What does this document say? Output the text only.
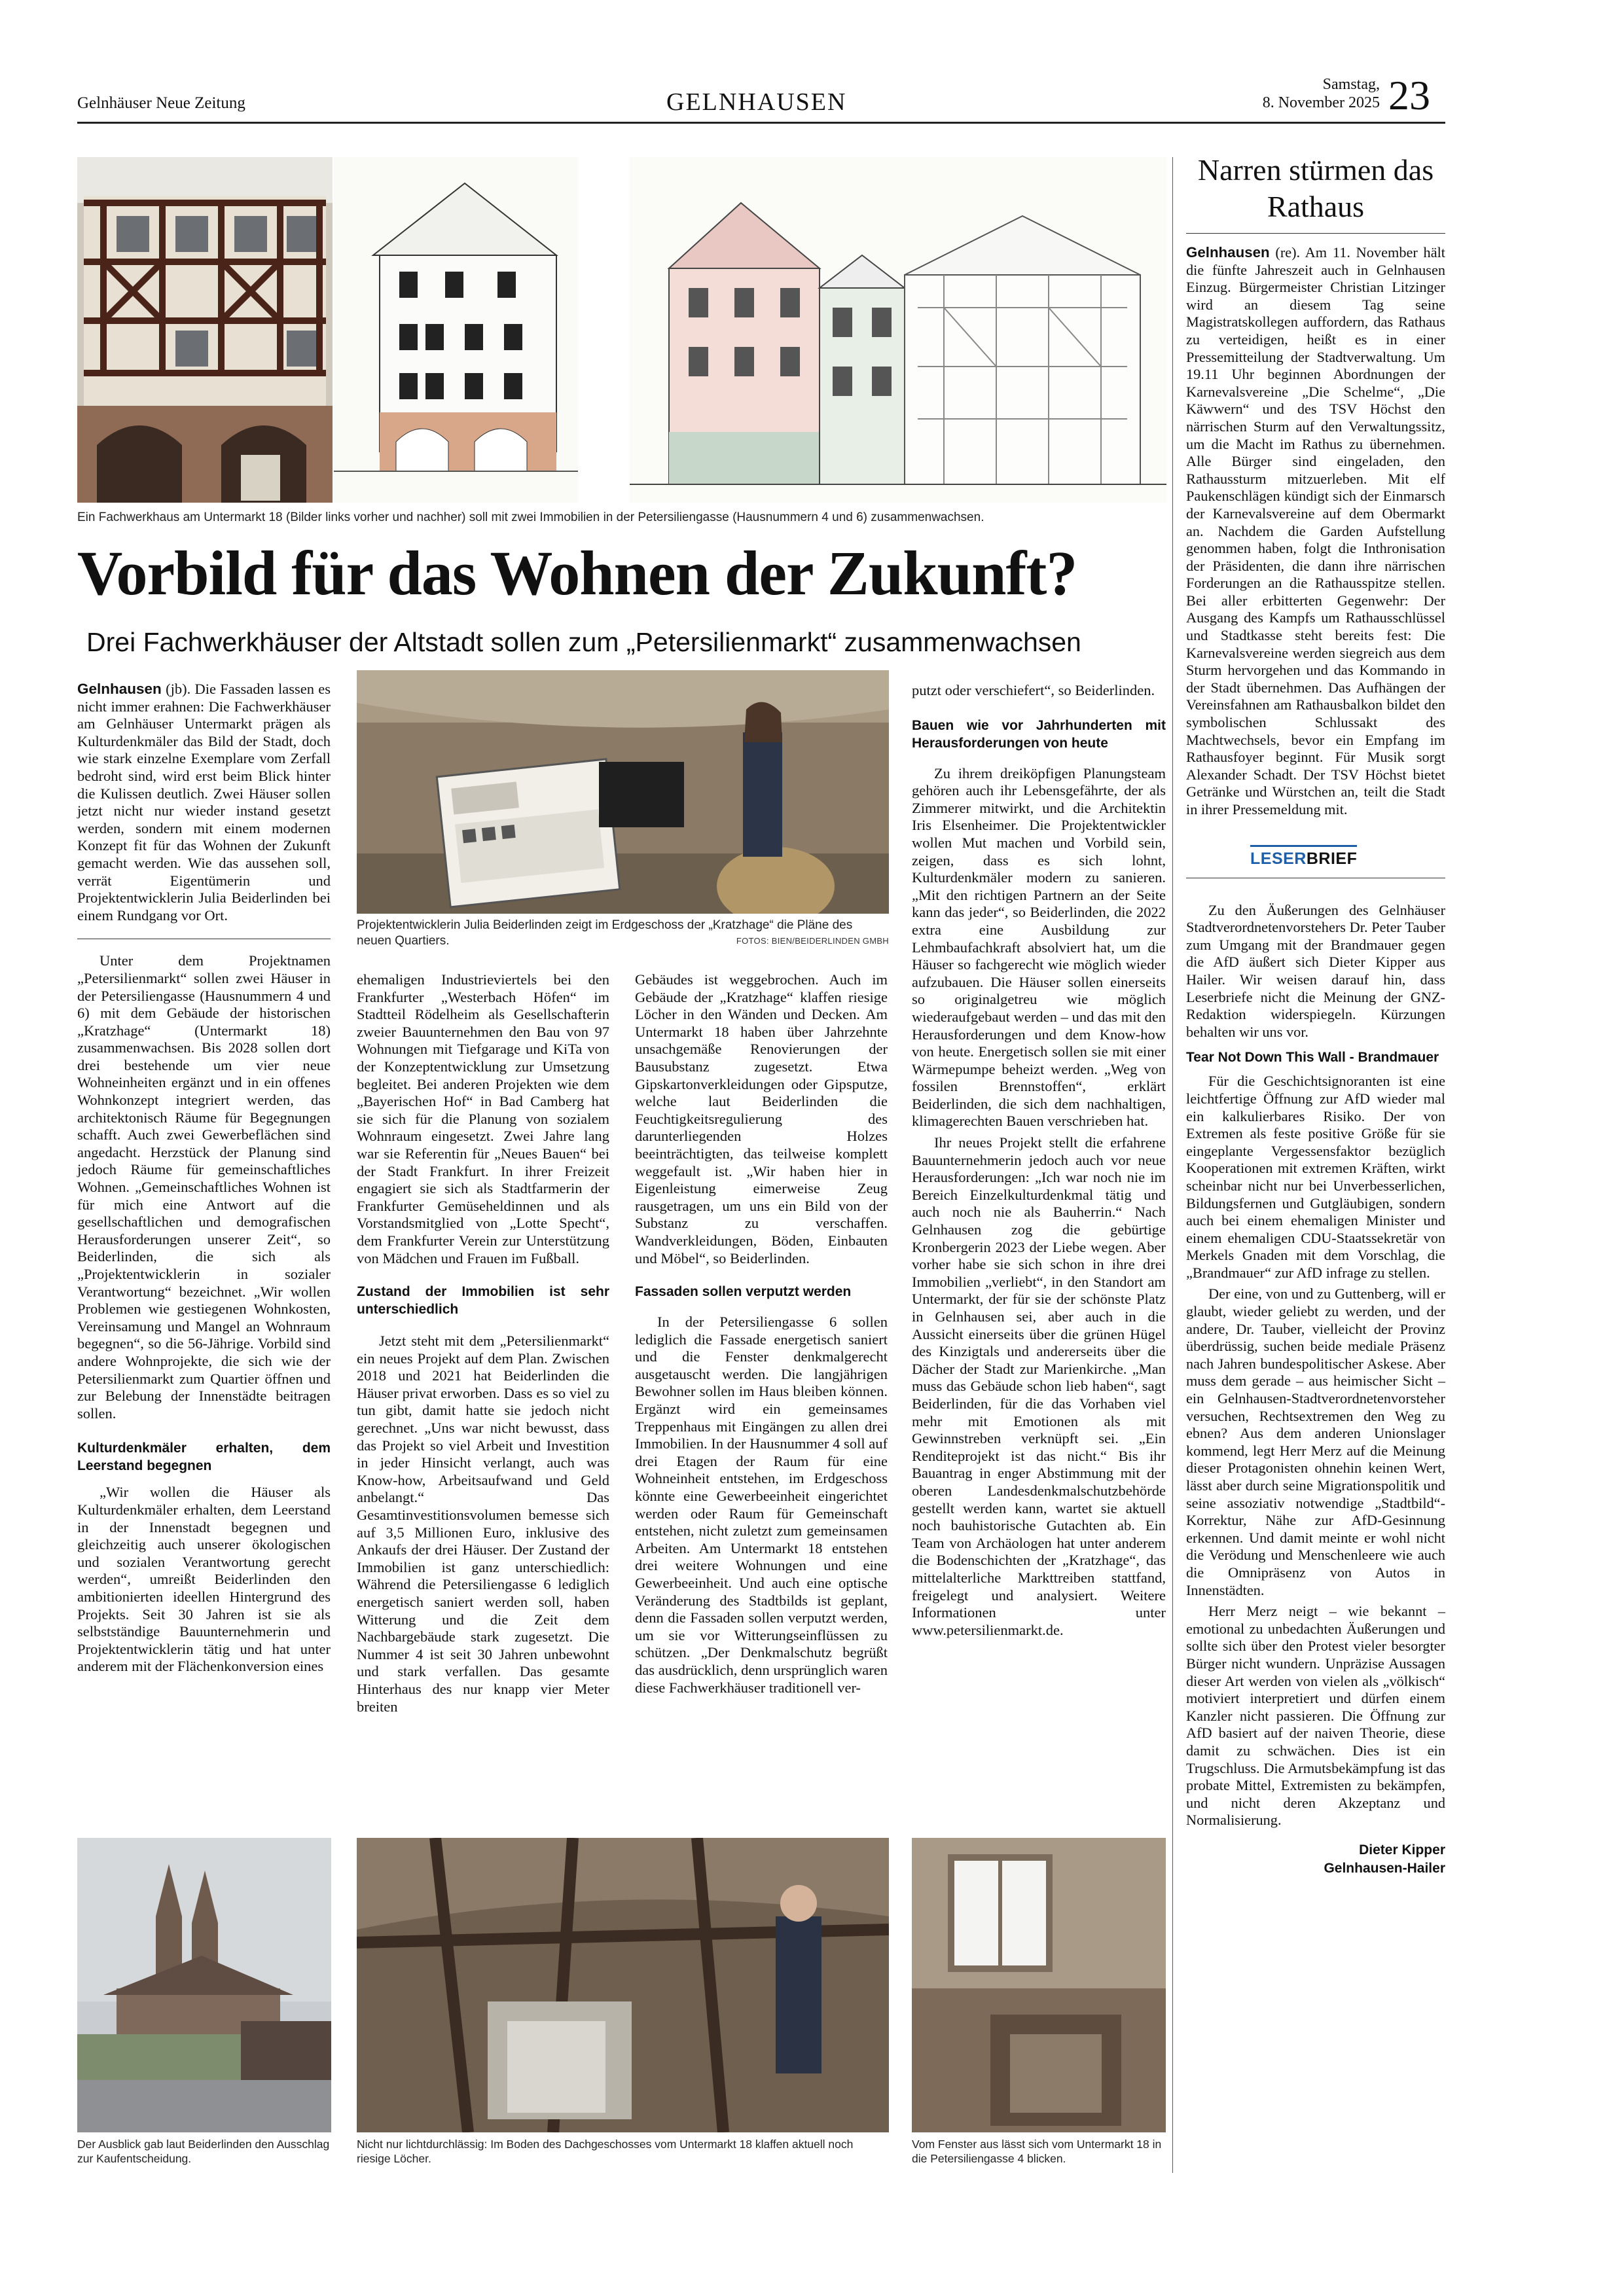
Gelnhäuser Neue Zeitung	GELNHAUSEN
Samstag,
8. November 2025 23
Ein Fachwerkhaus am Untermarkt 18 (Bilder links vorher und nachher) soll mit zwei Immobilien in der Petersiliengasse (Hausnummern 4 und 6) zusammenwachsen.
Vorbild für das Wohnen der Zukunft?
Drei Fachwerkhäuser der Altstadt sollen zum „Petersilienmarkt“ zusammenwachsen

Gelnhausen (jb). Die Fassaden lassen es nicht immer erahnen: Die Fachwerkhäuser am Gelnhäuser Untermarkt prägen als Kulturdenkmäler das Bild der Stadt, doch wie stark einzelne Exemplare vom Zerfall bedroht sind, wird erst beim Blick hinter die Kulissen deutlich. Zwei Häuser sollen jetzt nicht nur wieder instand gesetzt werden, sondern mit einem modernen Konzept fit für das Wohnen der Zukunft gemacht werden. Wie das aussehen soll, verrät Eigentümerin und Projektentwicklerin Julia Beiderlinden bei einem Rundgang vor Ort.

Unter dem Projektnamen „Petersilienmarkt“ sollen zwei Häuser in der Petersiliengasse (Hausnummern 4 und 6) mit dem Gebäude der historischen „Kratzhage“ (Untermarkt 18) zusammenwachsen. Bis 2028 sollen dort drei bestehende um vier neue Wohneinheiten ergänzt und in ein offenes Wohnkonzept integriert werden, das architektonisch Räume für Begegnungen schafft. Auch zwei Gewerbeflächen sind angedacht. Herzstück der Planung sind jedoch Räume für gemeinschaftliches Wohnen. „Gemeinschaftliches Wohnen ist für mich eine Antwort auf die gesellschaftlichen und demografischen Herausforderungen unserer Zeit“, so Beiderlinden, die sich als „Projektentwicklerin in sozialer Verantwortung“ bezeichnet. „Wir wollen Problemen wie gestiegenen Wohnkosten, Vereinsamung und Mangel an Wohnraum begegnen“, so die 56-Jährige. Vorbild sind andere Wohnprojekte, die sich wie der Petersilienmarkt zum Quartier öffnen und zur Belebung der Innenstädte beitragen sollen.

Kulturdenkmäler erhalten, dem Leerstand begegnen

„Wir wollen die Häuser als Kulturdenkmäler erhalten, dem Leerstand in der Innenstadt begegnen und gleichzeitig auch unserer ökologischen und sozialen Verantwortung gerecht werden“, umreißt Beiderlinden den ambitionierten ideellen Hintergrund des Projekts. Seit 30 Jahren ist sie als selbstständige Bauunternehmerin und Projektentwicklerin tätig und hat unter anderem mit der Flächenkonversion eines

Projektentwicklerin Julia Beiderlinden zeigt im Erdgeschoss der „Kratzhage“ die Pläne des neuen Quartiers.	FOTOS: BIEN/BEIDERLINDEN GMBH

ehemaligen Industrieviertels bei den Frankfurter „Westerbach Höfen“ im Stadtteil Rödelheim als Gesellschafterin zweier Bauunternehmen den Bau von 97 Wohnungen mit Tiefgarage und KiTa von der Konzeptentwicklung zur Umsetzung begleitet. Bei anderen Projekten wie dem „Bayerischen Hof“ in Bad Camberg hat sie sich für die Planung von sozialem Wohnraum eingesetzt. Zwei Jahre lang war sie Referentin für „Neues Bauen“ bei der Stadt Frankfurt. In ihrer Freizeit engagiert sie sich als Stadtfarmerin der Frankfurter Gemüseheldinnen und als Vorstandsmitglied von „Lotte Specht“, dem Frankfurter Verein zur Unterstützung von Mädchen und Frauen im Fußball.

Zustand der Immobilien ist sehr unterschiedlich

Jetzt steht mit dem „Petersilienmarkt“ ein neues Projekt auf dem Plan. Zwischen 2018 und 2021 hat Beiderlinden die Häuser privat erworben. Dass es so viel zu tun gibt, damit hatte sie jedoch nicht gerechnet. „Uns war nicht bewusst, dass das Projekt so viel Arbeit und Investition in jeder Hinsicht verlangt, auch was Know-how, Arbeitsaufwand und Geld anbelangt.“ Das Gesamtinvestitionsvolumen bemesse sich auf 3,5 Millionen Euro, inklusive des Ankaufs der drei Häuser. Der Zustand der Immobilien ist ganz unterschiedlich: Während die Petersiliengasse 6 lediglich energetisch saniert werden soll, haben Witterung und die Zeit dem Nachbargebäude stark zugesetzt. Die Nummer 4 ist seit 30 Jahren unbewohnt und stark verfallen. Das gesamte Hinterhaus des nur knapp vier Meter breiten

Gebäudes ist weggebrochen. Auch im Gebäude der „Kratzhage“ klaffen riesige Löcher in den Wänden und Decken. Am Untermarkt 18 haben über Jahrzehnte unsachgemäße Renovierungen der Bausubstanz zugesetzt. Etwa Gipskartonverkleidungen oder Gipsputze, welche laut Beiderlinden die Feuchtigkeitsregulierung des darunterliegenden Holzes beeinträchtigten, das teilweise komplett weggefault ist. „Wir haben hier in Eigenleistung eimerweise Zeug rausgetragen, um uns ein Bild von der Substanz zu verschaffen. Wandverkleidungen, Böden, Einbauten und Möbel“, so Beiderlinden.

Fassaden sollen verputzt werden

In der Petersiliengasse 6 sollen lediglich die Fassade energetisch saniert und die Fenster denkmalgerecht ausgetauscht werden. Die langjährigen Bewohner sollen im Haus bleiben können. Ergänzt wird ein gemeinsames Treppenhaus mit Eingängen zu allen drei Immobilien. In der Hausnummer 4 soll auf drei Etagen der Raum für eine Wohneinheit entstehen, im Erdgeschoss könnte eine Gewerbeeinheit eingerichtet werden oder Raum für Gemeinschaft entstehen, nicht zuletzt zum gemeinsamen Arbeiten. Am Untermarkt 18 entstehen drei weitere Wohnungen und eine Gewerbeeinheit. Und auch eine optische Veränderung des Stadtbilds ist geplant, denn die Fassaden sollen verputzt werden, um sie vor Witterungseinflüssen zu schützen. „Der Denkmalschutz begrüßt das ausdrücklich, denn ursprünglich waren diese Fachwerkhäuser traditionell ver-

putzt oder verschiefert“, so Beiderlinden.

Bauen wie vor Jahrhunderten mit Herausforderungen von heute

Zu ihrem dreiköpfigen Planungsteam gehören auch ihr Lebensgefährte, der als Zimmerer mitwirkt, und die Architektin Iris Elsenheimer. Die Projektentwickler wollen Mut machen und Vorbild sein, zeigen, dass es sich lohnt, Kulturdenkmäler modern zu sanieren. „Mit den richtigen Partnern an der Seite kann das jeder“, so Beiderlinden, die 2022 extra eine Ausbildung zur Lehmbaufachkraft absolviert hat, um die Häuser so fachgerecht wie möglich wieder aufzubauen. Die Häuser sollen einerseits so originalgetreu wie möglich wiederaufgebaut werden – und das mit den Herausforderungen und dem Know-how von heute. Energetisch sollen sie mit einer Wärmepumpe beheizt werden. „Weg von fossilen Brennstoffen“, erklärt Beiderlinden, die sich dem nachhaltigen, klimagerechten Bauen verschrieben hat.

Ihr neues Projekt stellt die erfahrene Bauunternehmerin jedoch auch vor neue Herausforderungen: „Ich war noch nie im Bereich Einzelkulturdenkmal tätig und auch noch nie als Bauherrin.“ Nach Gelnhausen zog die gebürtige Kronbergerin 2023 der Liebe wegen. Aber vorher habe sie sich schon in ihre drei Immobilien „verliebt“, in den Standort am Untermarkt, der für sie der schönste Platz in Gelnhausen sei, aber auch in die Aussicht einerseits über die grünen Hügel des Kinzigtals und andererseits über die Dächer der Stadt zur Marienkirche. „Man muss das Gebäude schon lieb haben“, sagt Beiderlinden, für die das Vorhaben viel mehr mit Emotionen als mit Gewinnstreben verknüpft sei. „Ein Renditeprojekt ist das nicht.“ Bis ihr Bauantrag in enger Abstimmung mit der oberen Landesdenkmalschutzbehörde gestellt werden kann, wartet sie aktuell noch bauhistorische Gutachten ab. Ein Team von Archäologen hat unter anderem die Bodenschichten der „Kratzhage“, das mittelalterliche Markttreiben stattfand, freigelegt und analysiert. Weitere Informationen unter www.petersilienmarkt.de.

Der Ausblick gab laut Beiderlinden den Ausschlag zur Kaufentscheidung.
Nicht nur lichtdurchlässig: Im Boden des Dachgeschosses vom Untermarkt 18 klaffen aktuell noch riesige Löcher.
Vom Fenster aus lässt sich vom Untermarkt 18 in die Petersiliengasse 4 blicken.
Narren stürmen das Rathaus

Gelnhausen (re). Am 11. November hält die fünfte Jahreszeit auch in Gelnhausen Einzug. Bürgermeister Christian Litzinger wird an diesem Tag seine Magistratskollegen auffordern, das Rathaus zu verteidigen, heißt es in einer Pressemitteilung der Stadtverwaltung. Um 19.11 Uhr beginnen Abordnungen der Karnevalsvereine „Die Schelme“, „Die Käwwern“ und des TSV Höchst den närrischen Sturm auf den Verwaltungssitz, um die Macht im Rathus zu übernehmen. Alle Bürger sind eingeladen, den Rathaussturm mitzuerleben. Mit elf Paukenschlägen kündigt sich der Einmarsch der Karnevalsvereine auf dem Obermarkt an. Nachdem die Garden Aufstellung genommen haben, folgt die Inthronisation der Präsidenten, die dann ihre närrischen Forderungen an die Rathausspitze stellen. Bei aller erbitterten Gegenwehr: Der Ausgang des Kampfs um Rathausschlüssel und Stadtkasse steht bereits fest: Die Karnevalsvereine werden siegreich aus dem Sturm hervorgehen und das Kommando in der Stadt übernehmen. Das Aufhängen der Vereinsfahnen am Rathausbalkon bildet den symbolischen Schlussakt des Machtwechsels, bevor ein Empfang im Rathausfoyer beginnt. Für Musik sorgt Alexander Schadt. Der TSV Höchst bietet Getränke und Würstchen an, teilt die Stadt in ihrer Pressemeldung mit.

LESERBRIEF

Zu den Äußerungen des Gelnhäuser Stadtverordnetenvorstehers Dr. Peter Tauber zum Umgang mit der Brandmauer gegen die AfD äußert sich Dieter Kipper aus Hailer. Wir weisen darauf hin, dass Leserbriefe nicht die Meinung der GNZ-Redaktion widerspiegeln. Kürzungen behalten wir uns vor.

Tear Not Down This Wall - Brandmauer

Für die Geschichtsignoranten ist eine leichtfertige Öffnung zur AfD wieder mal ein kalkulierbares Risiko. Der von Extremen als feste positive Größe für sie eingeplante Vergessensfaktor bezüglich Kooperationen mit extremen Kräften, wirkt scheinbar nicht nur bei Unverbesserlichen, Bildungsfernen und Gutgläubigen, sondern auch bei einem ehemaligen Minister und einem ehemaligen CDU-Staatssekretär von Merkels Gnaden mit dem Vorschlag, die „Brandmauer“ zur AfD infrage zu stellen.

Der eine, von und zu Guttenberg, will er glaubt, wieder geliebt zu werden, und der andere, Dr. Tauber, vielleicht der Provinz überdrüssig, suchen beide mediale Präsenz nach Jahren bundespolitischer Askese. Aber muss dem gerade – aus heimischer Sicht – ein Gelnhausen-Stadtverordnetenvorsteher versuchen, Rechtsextremen den Weg zu ebnen? Aus dem anderen Unionslager kommend, legt Herr Merz auf die Meinung dieser Protagonisten ohnehin keinen Wert, lässt aber durch seine Migrationspolitik und seine assoziativ notwendige „Stadtbild“-Korrektur, Nähe zur AfD-Gesinnung erkennen. Und damit meinte er wohl nicht die Verödung und Menschenleere wie auch die Omnipräsenz von Autos in Innenstädten.

Herr Merz neigt – wie bekannt – emotional zu unbedachten Äußerungen und sollte sich über den Protest vieler besorgter Bürger nicht wundern. Unpräzise Aussagen dieser Art werden von vielen als „völkisch“ motiviert interpretiert und dürfen einem Kanzler nicht passieren. Die Öffnung zur AfD basiert auf der naiven Theorie, diese damit zu schwächen. Dies ist ein Trugschluss. Die Armutsbekämpfung ist das probate Mittel, Extremisten zu bekämpfen, und nicht deren Akzeptanz und Normalisierung.

Dieter Kipper
Gelnhausen-Hailer
